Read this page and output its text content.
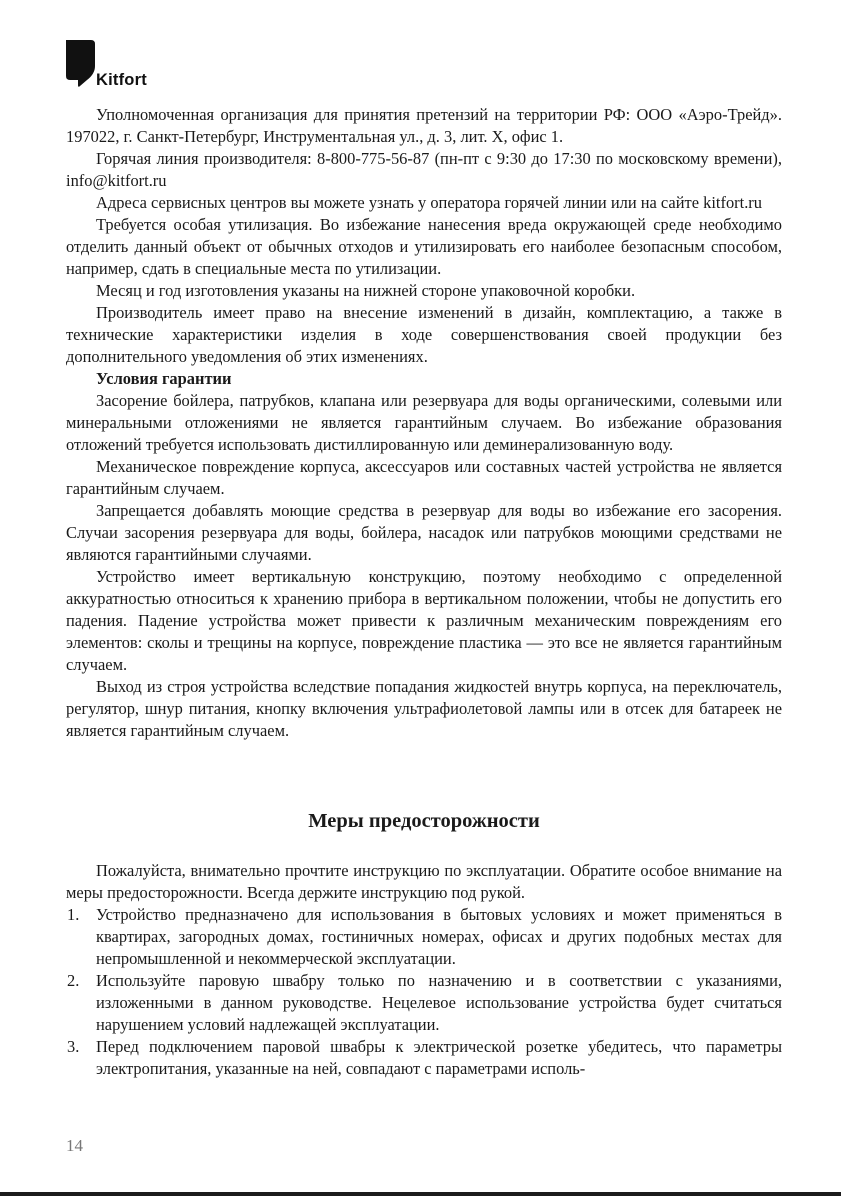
Kitfort

Уполномоченная организация для принятия претензий на территории РФ: ООО «Аэро-Трейд». 197022, г. Санкт-Петербург, Инструментальная ул., д. 3, лит. Х, офис 1.

Горячая линия производителя: 8-800-775-56-87 (пн-пт с 9:30 до 17:30 по московскому времени), info@kitfort.ru

Адреса сервисных центров вы можете узнать у оператора горячей линии или на сайте kitfort.ru

Требуется особая утилизация. Во избежание нанесения вреда окружающей среде необходимо отделить данный объект от обычных отходов и утилизировать его наиболее безопасным способом, например, сдать в специальные места по утилизации.

Месяц и год изготовления указаны на нижней стороне упаковочной коробки.

Производитель имеет право на внесение изменений в дизайн, комплектацию, а также в технические характеристики изделия в ходе совершенствования своей продукции без дополнительного уведомления об этих изменениях.

Условия гарантии

Засорение бойлера, патрубков, клапана или резервуара для воды органическими, солевыми или минеральными отложениями не является гарантийным случаем. Во избежание образования отложений требуется использовать дистиллированную или деминерализованную воду.

Механическое повреждение корпуса, аксессуаров или составных частей устройства не является гарантийным случаем.

Запрещается добавлять моющие средства в резервуар для воды во избежание его засорения. Случаи засорения резервуара для воды, бойлера, насадок или патрубков моющими средствами не являются гарантийными случаями.

Устройство имеет вертикальную конструкцию, поэтому необходимо с определенной аккуратностью относиться к хранению прибора в вертикальном положении, чтобы не допустить его падения. Падение устройства может привести к различным механическим повреждениям его элементов: сколы и трещины на корпусе, повреждение пластика — это все не является гарантийным случаем.

Выход из строя устройства вследствие попадания жидкостей внутрь корпуса, на переключатель, регулятор, шнур питания, кнопку включения ультрафиолетовой лампы или в отсек для батареек не является гарантийным случаем.

Меры предосторожности

Пожалуйста, внимательно прочтите инструкцию по эксплуатации. Обратите особое внимание на меры предосторожности. Всегда держите инструкцию под рукой.

1. Устройство предназначено для использования в бытовых условиях и может применяться в квартирах, загородных домах, гостиничных номерах, офисах и других подобных местах для непромышленной и некоммерческой эксплуатации.
2. Используйте паровую швабру только по назначению и в соответствии с указаниями, изложенными в данном руководстве. Нецелевое использование устройства будет считаться нарушением условий надлежащей эксплуатации.
3. Перед подключением паровой швабры к электрической розетке убедитесь, что параметры электропитания, указанные на ней, совпадают с параметрами исполь-
14
